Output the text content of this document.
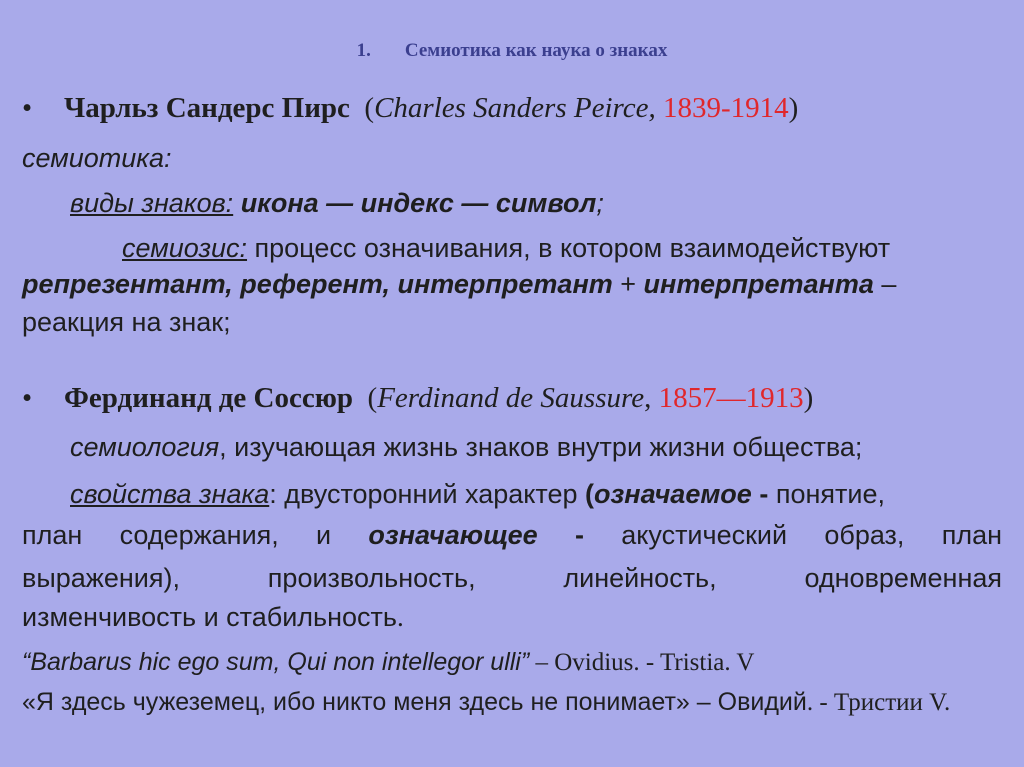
1. Семиотика как наука о знаках
• Чарльз Сандерс Пирс (Charles Sanders Peirce, 1839-1914)
семиотика:
виды знаков: икона — индекс — символ;
семиозис: процесс означивания, в котором взаимодействуют
репрезентант, референт, интерпретант + интерпретанта –
реакция на знак;
• Фердинанд де Соссюр (Ferdinand de Saussure, 1857—1913)
семиология, изучающая жизнь знаков внутри жизни общества;
свойства знака: двусторонний характер (означаемое - понятие,
план содержания, и означающее - акустический образ, план
выражения), произвольность, линейность, одновременная
изменчивость и стабильность.
“Barbarus hic ego sum, Qui non intellegor ulli” – Ovidius. - Tristia. V
«Я здесь чужеземец, ибо никто меня здесь не понимает» – Овидий. - Тристии V.
